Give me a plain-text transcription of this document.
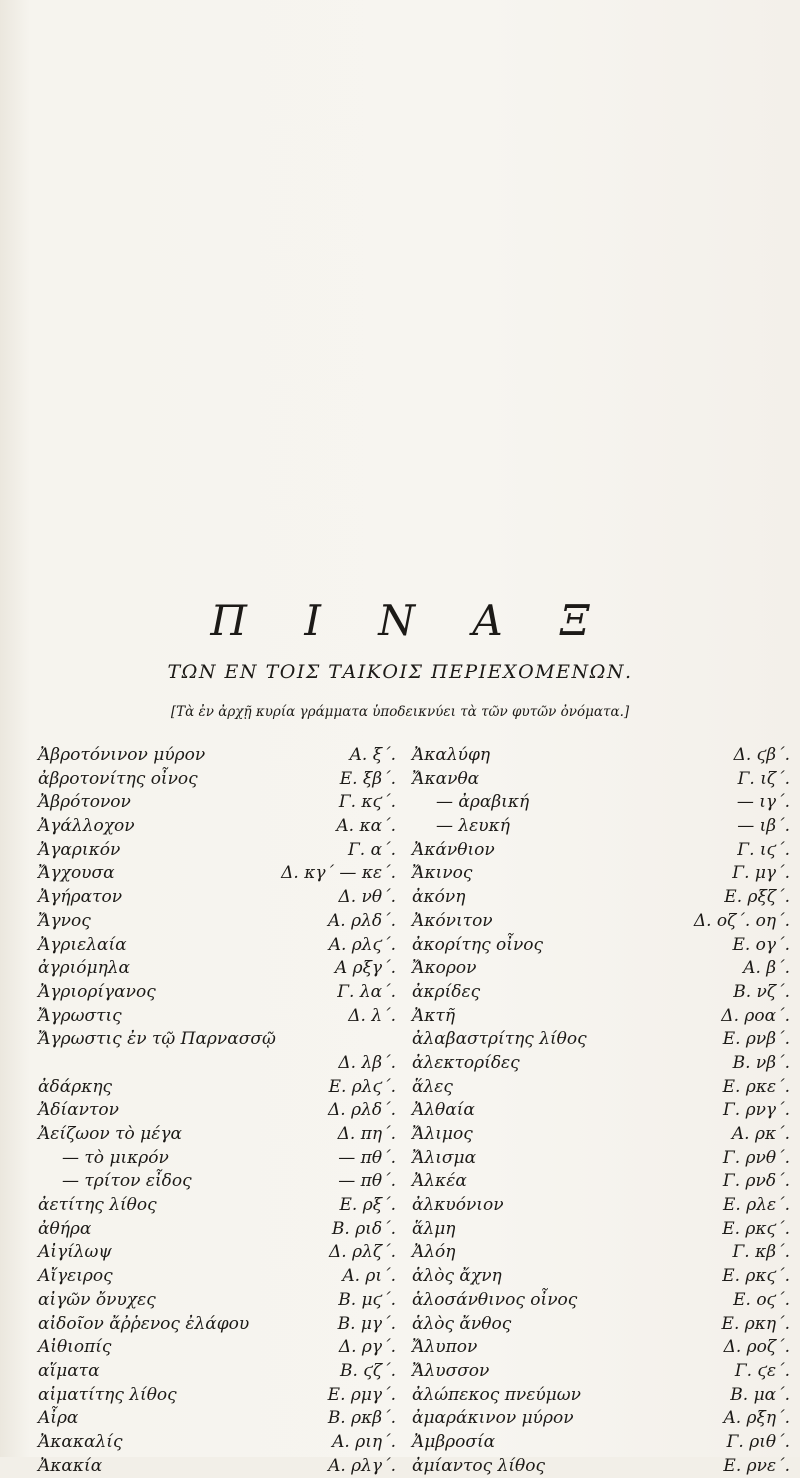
Π Ι Ν Α Ξ
ΤΩΝ ΕΝ ΤΟΙΣ ΤΑΙΚΟΙΣ ΠΕΡΙΕΧΟΜΕΝΩΝ.
[Τὰ ἐν ἀρχῇ κυρία γράμματα ὑποδεικνύει τὰ τῶν φυτῶν ὀνόματα.]
Ἀβροτόνινον μύρον	Α. ξ΄.
ἀβροτονίτης οἶνος	Ε. ξβ΄.
Ἀβρότονον	Γ. κϛ΄.
Ἀγάλλοχον	Α. κα΄.
Ἀγαρικόν	Γ. α΄.
Ἄγχουσα	Δ. κγ΄ — κε΄.
Ἀγήρατον	Δ. νθ΄.
Ἄγνος	Α. ρλδ΄.
Ἀγριελαία	Α. ρλϛ΄.
ἀγριόμηλα	Α ρξγ΄.
Ἀγριορίγανος	Γ. λα΄.
Ἄγρωστις	Δ. λ΄.
Ἄγρωστις ἐν τῷ Παρνασσῷ
Δ. λβ΄.
ἀδάρκης	Ε. ρλϛ΄.
Ἀδίαντον	Δ. ρλδ΄.
Ἀείζωον τὸ μέγα	Δ. πη΄.
— τὸ μικρόν	— πθ΄.
— τρίτον εἶδος	— πθ΄.
ἀετίτης λίθος	Ε. ρξ΄.
ἀθήρα	Β. ριδ΄.
Αἰγίλωψ	Δ. ρλζ΄.
Αἴγειρος	Α. ρι΄.
αἰγῶν ὄνυχες	Β. μϛ΄.
αἰδοῖον ἄῤῥενος ἐλάφου	Β. μγ΄.
Αἰθιοπίς	Δ. ργ΄.
αἵματα	Β. ϛζ΄.
αἱματίτης λίθος	Ε. ρμγ΄.
Αἶρα	Β. ρκβ΄.
Ἀκακαλίς	Α. ριη΄.
Ἀκακία	Α. ρλγ΄.
Ἀκαλύφη	Δ. ϛβ΄.
Ἄκανθα	Γ. ιζ΄.
— ἀραβική	— ιγ΄.
— λευκή	— ιβ΄.
Ἀκάνθιον	Γ. ιϛ΄.
Ἄκινος	Γ. μγ΄.
ἀκόνη	Ε. ρξζ΄.
Ἀκόνιτον	Δ. οζ΄. οη΄.
ἀκορίτης οἶνος	Ε. ογ΄.
Ἄκορον	Α. β΄.
ἀκρίδες	Β. νζ΄.
Ἀκτῆ	Δ. ροα΄.
ἀλαβαστρίτης λίθος	Ε. ρνβ΄.
ἀλεκτορίδες	Β. νβ΄.
ἅλες	Ε. ρκε΄.
Ἀλθαία	Γ. ρνγ΄.
Ἄλιμος	Α. ρκ΄.
Ἄλισμα	Γ. ρνθ΄.
Ἀλκέα	Γ. ρνδ΄.
ἀλκυόνιον	Ε. ρλε΄.
ἅλμη	Ε. ρκϛ΄.
Ἀλόη	Γ. κβ΄.
ἁλὸς ἄχνη	Ε. ρκϛ΄.
ἁλοσάνθινος οἶνος	Ε. οϛ΄.
ἁλὸς ἄνθος	Ε. ρκη΄.
Ἄλυπον	Δ. ροζ΄.
Ἄλυσσον	Γ. ϛε΄.
ἀλώπεκος πνεύμων	Β. μα΄.
ἀμαράκινον μύρον	Α. ρξη΄.
Ἀμβροσία	Γ. ριθ΄.
ἀμίαντος λίθος	Ε. ρνε΄.
